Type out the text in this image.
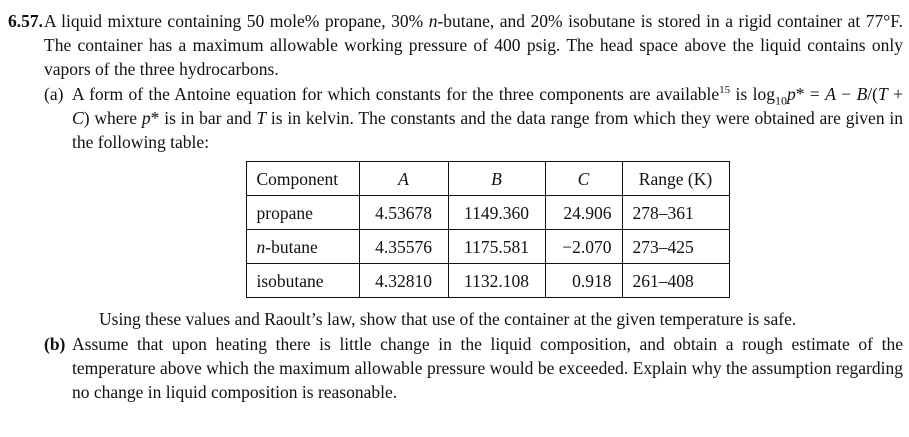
6.57. A liquid mixture containing 50 mole% propane, 30% n-butane, and 20% isobutane is stored in a rigid container at 77°F. The container has a maximum allowable working pressure of 400 psig. The head space above the liquid contains only vapors of the three hydrocarbons.

(a) A form of the Antoine equation for which constants for the three components are available$^{15}$ is $\log_{10}p* = A - B/(T + C)$ where p* is in bar and T is in kelvin. The constants and the data range from which they were obtained are given in the following table:

Component	A	B	C	Range (K)
propane	4.53678	1149.360	24.906	278–361
n-butane	4.35576	1175.581	−2.070	273–425
isobutane	4.32810	1132.108	0.918	261–408

Using these values and Raoult’s law, show that use of the container at the given temperature is safe.

(b) Assume that upon heating there is little change in the liquid composition, and obtain a rough estimate of the temperature above which the maximum allowable pressure would be exceeded. Explain why the assumption regarding no change in liquid composition is reasonable.
